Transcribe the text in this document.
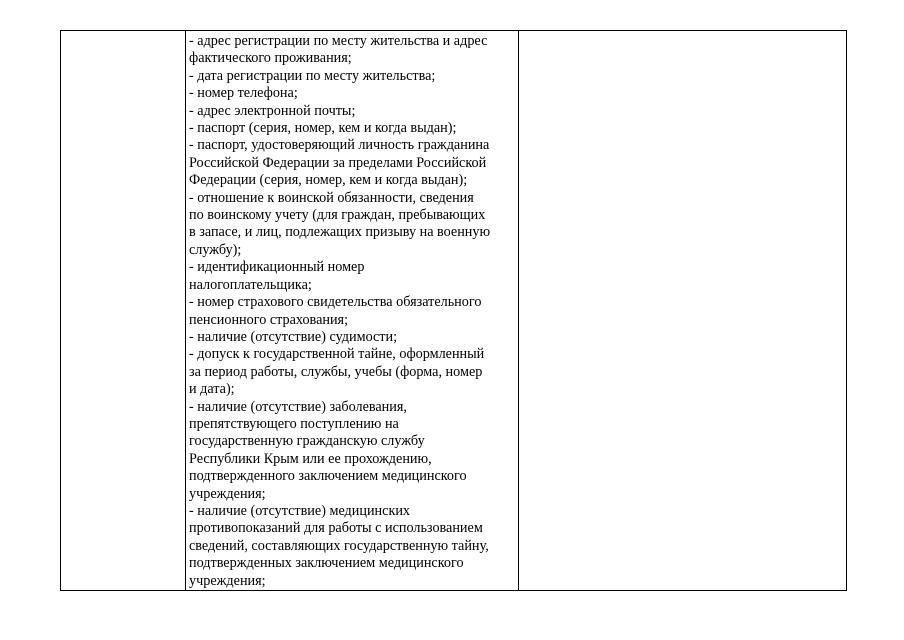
- адрес регистрации по месту жительства и адрес
фактического проживания;
- дата регистрации по месту жительства;
- номер телефона;
- адрес электронной почты;
- паспорт (серия, номер, кем и когда выдан);
- паспорт, удостоверяющий личность гражданина
Российской Федерации за пределами Российской
Федерации (серия, номер, кем и когда выдан);
- отношение к воинской обязанности, сведения
по воинскому учету (для граждан, пребывающих
в запасе, и лиц, подлежащих призыву на военную
службу);
- идентификационный номер
налогоплательщика;
- номер страхового свидетельства обязательного
пенсионного страхования;
- наличие (отсутствие) судимости;
- допуск к государственной тайне, оформленный
за период работы, службы, учебы (форма, номер
и дата);
- наличие (отсутствие) заболевания,
препятствующего поступлению на
государственную гражданскую службу
Республики Крым или ее прохождению,
подтвержденного заключением медицинского
учреждения;
- наличие (отсутствие) медицинских
противопоказаний для работы с использованием
сведений, составляющих государственную тайну,
подтвержденных заключением медицинского
учреждения;
